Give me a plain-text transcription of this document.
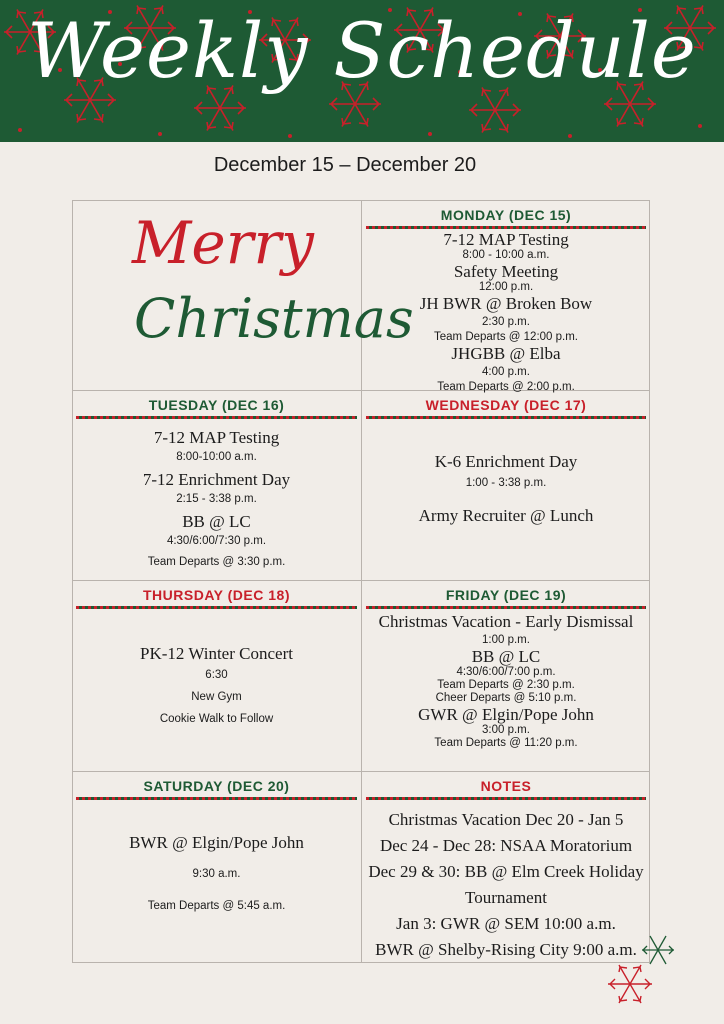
Weekly Schedule
December 15 – December 20
Merry
Christmas
MONDAY (DEC 15)
7-12 MAP Testing
8:00 - 10:00 a.m.
Safety Meeting
12:00 p.m.
JH BWR @ Broken Bow
2:30 p.m.
Team Departs @ 12:00 p.m.
JHGBB @ Elba
4:00 p.m.
Team Departs @ 2:00 p.m.
TUESDAY (DEC 16)
7-12 MAP Testing
8:00-10:00 a.m.
7-12 Enrichment Day
2:15 - 3:38 p.m.
BB @ LC
4:30/6:00/7:30 p.m.
Team Departs @ 3:30 p.m.
WEDNESDAY (DEC 17)
K-6 Enrichment Day
1:00 - 3:38 p.m.
Army Recruiter @ Lunch
THURSDAY (DEC 18)
PK-12 Winter Concert
6:30
New Gym
Cookie Walk to Follow
FRIDAY (DEC 19)
Christmas Vacation - Early Dismissal
1:00 p.m.
BB @ LC
4:30/6:00/7:00 p.m.
Team Departs @ 2:30 p.m.
Cheer Departs @ 5:10 p.m.
GWR @ Elgin/Pope John
3:00 p.m.
Team Departs @ 11:20 p.m.
SATURDAY (DEC 20)
BWR @ Elgin/Pope John
9:30 a.m.
Team Departs @ 5:45 a.m.
NOTES
Christmas Vacation Dec 20 - Jan 5
Dec 24 - Dec 28: NSAA Moratorium
Dec 29 & 30: BB @ Elm Creek Holiday
Tournament
Jan 3: GWR @ SEM 10:00 a.m.
BWR @ Shelby-Rising City 9:00 a.m.
